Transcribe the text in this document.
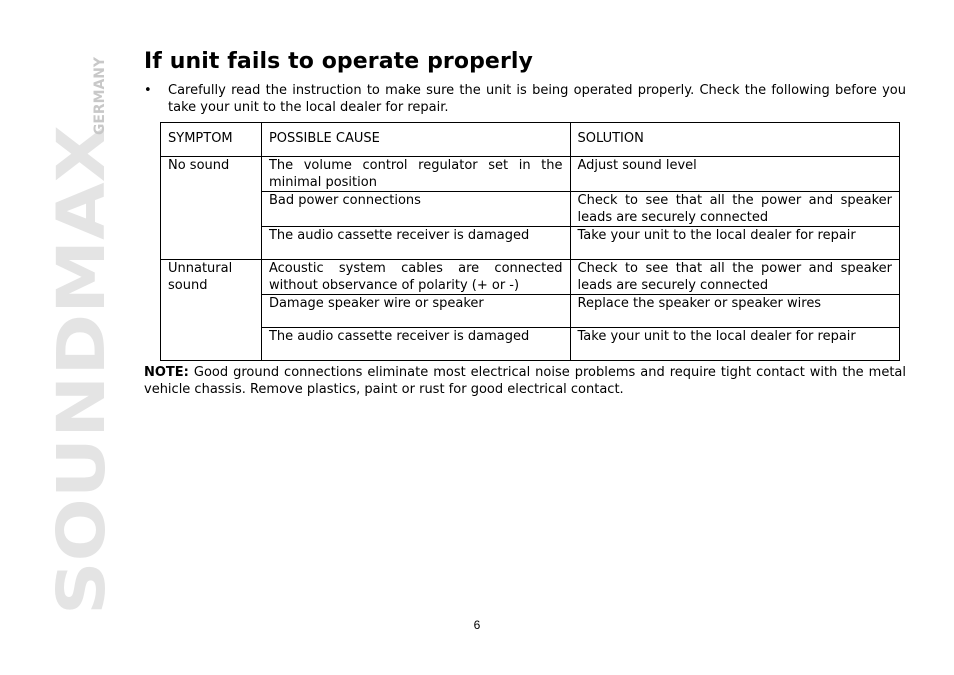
SOUNDMAX
GERMANY If unit fails to operate properly
•	Carefully read the instruction to make sure the unit is being operated properly. Check the following before you take your unit to the local dealer for repair.
SYMPTOM	POSSIBLE CAUSE	SOLUTION
No sound	The volume control regulator set in the minimal position	Adjust sound level
	Bad power connections	Check to see that all the power and speaker leads are securely connected
	The audio cassette receiver is damaged	Take your unit to the local dealer for repair
Unnatural sound	Acoustic system cables are connected without observance of polarity (+ or -)	Check to see that all the power and speaker leads are securely connected
	Damage speaker wire or speaker	Replace the speaker or speaker wires
	The audio cassette receiver is damaged	Take your unit to the local dealer for repair
NOTE: Good ground connections eliminate most electrical noise problems and require tight contact with the metal vehicle chassis. Remove plastics, paint or rust for good electrical contact.
6
